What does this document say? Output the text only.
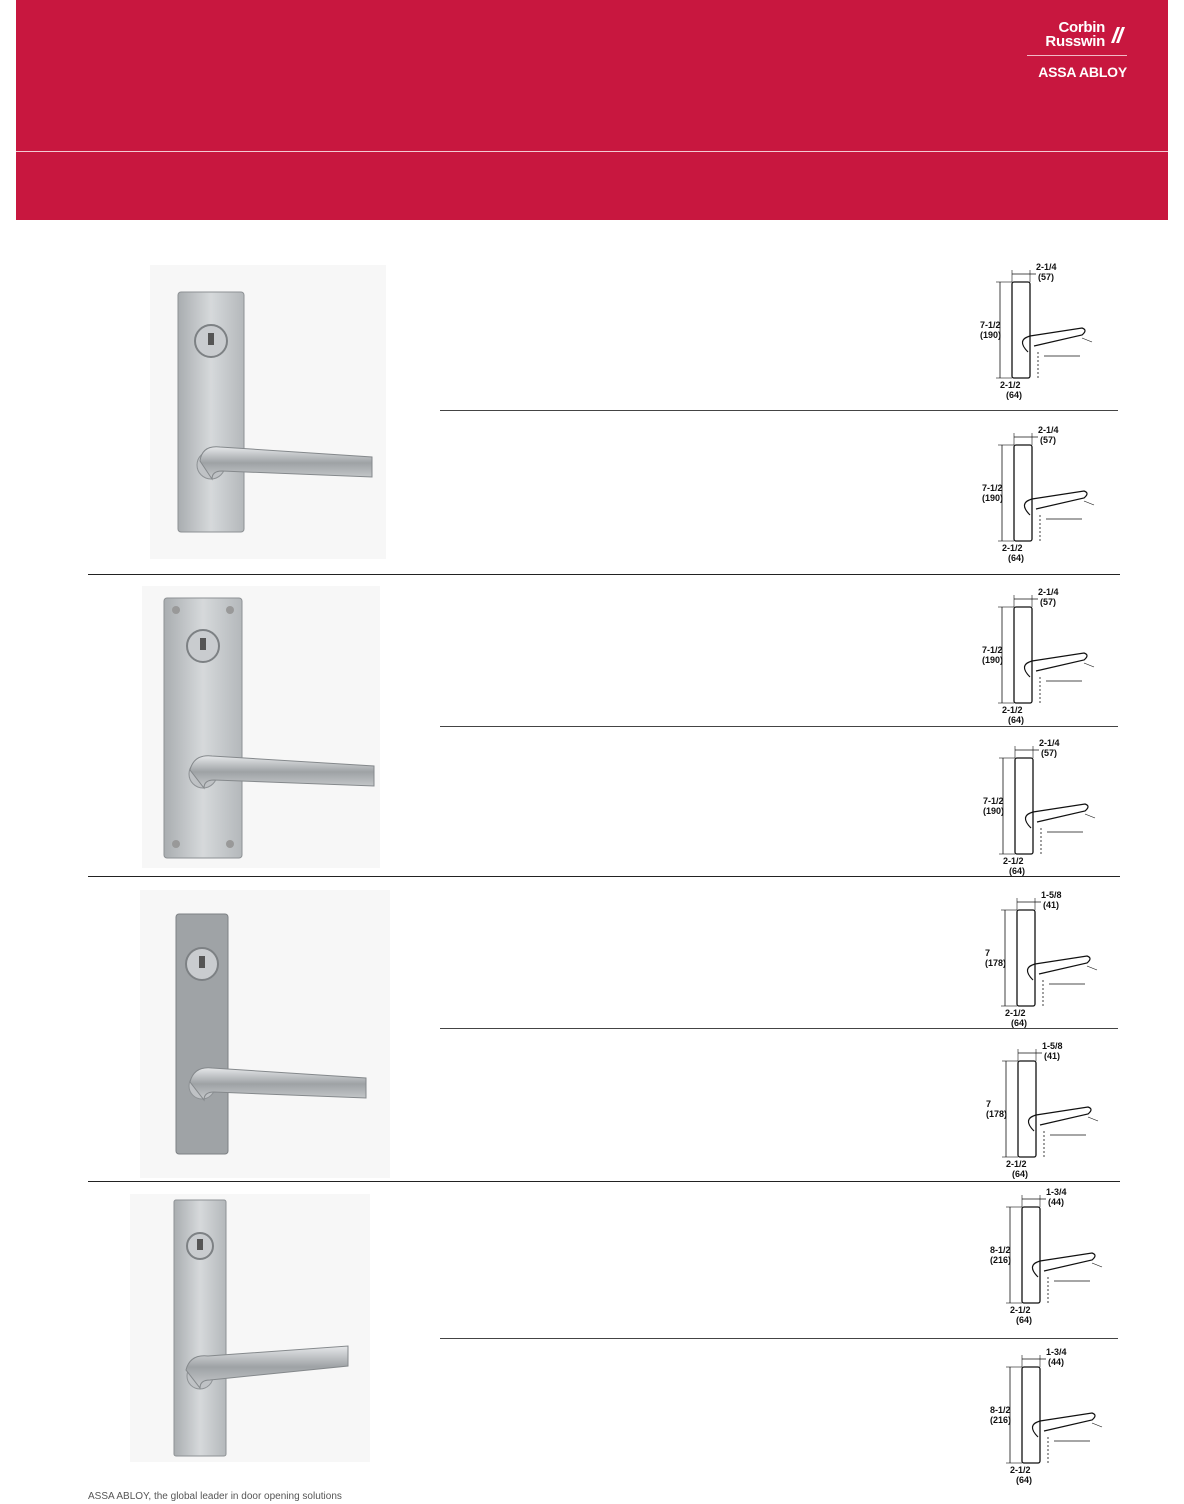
Corbin
Russwin
ASSA ABLOY
2-1/4
(57)
7-1/2
(190)
2-1/2
(64)
2-1/4
(57)
7-1/2
(190)
2-1/2
(64)
2-1/4
(57)
7-1/2
(190)
2-1/2
(64)
2-1/4
(57)
7-1/2
(190)
2-1/2
(64)
1-5/8
(41)
7
(178)
2-1/2
(64)
1-5/8
(41)
7
(178)
2-1/2
(64)
1-3/4
(44)
8-1/2
(216)
2-1/2
(64)
1-3/4
(44)
8-1/2
(216)
2-1/2
(64)
ASSA ABLOY, the global leader in door opening solutions
